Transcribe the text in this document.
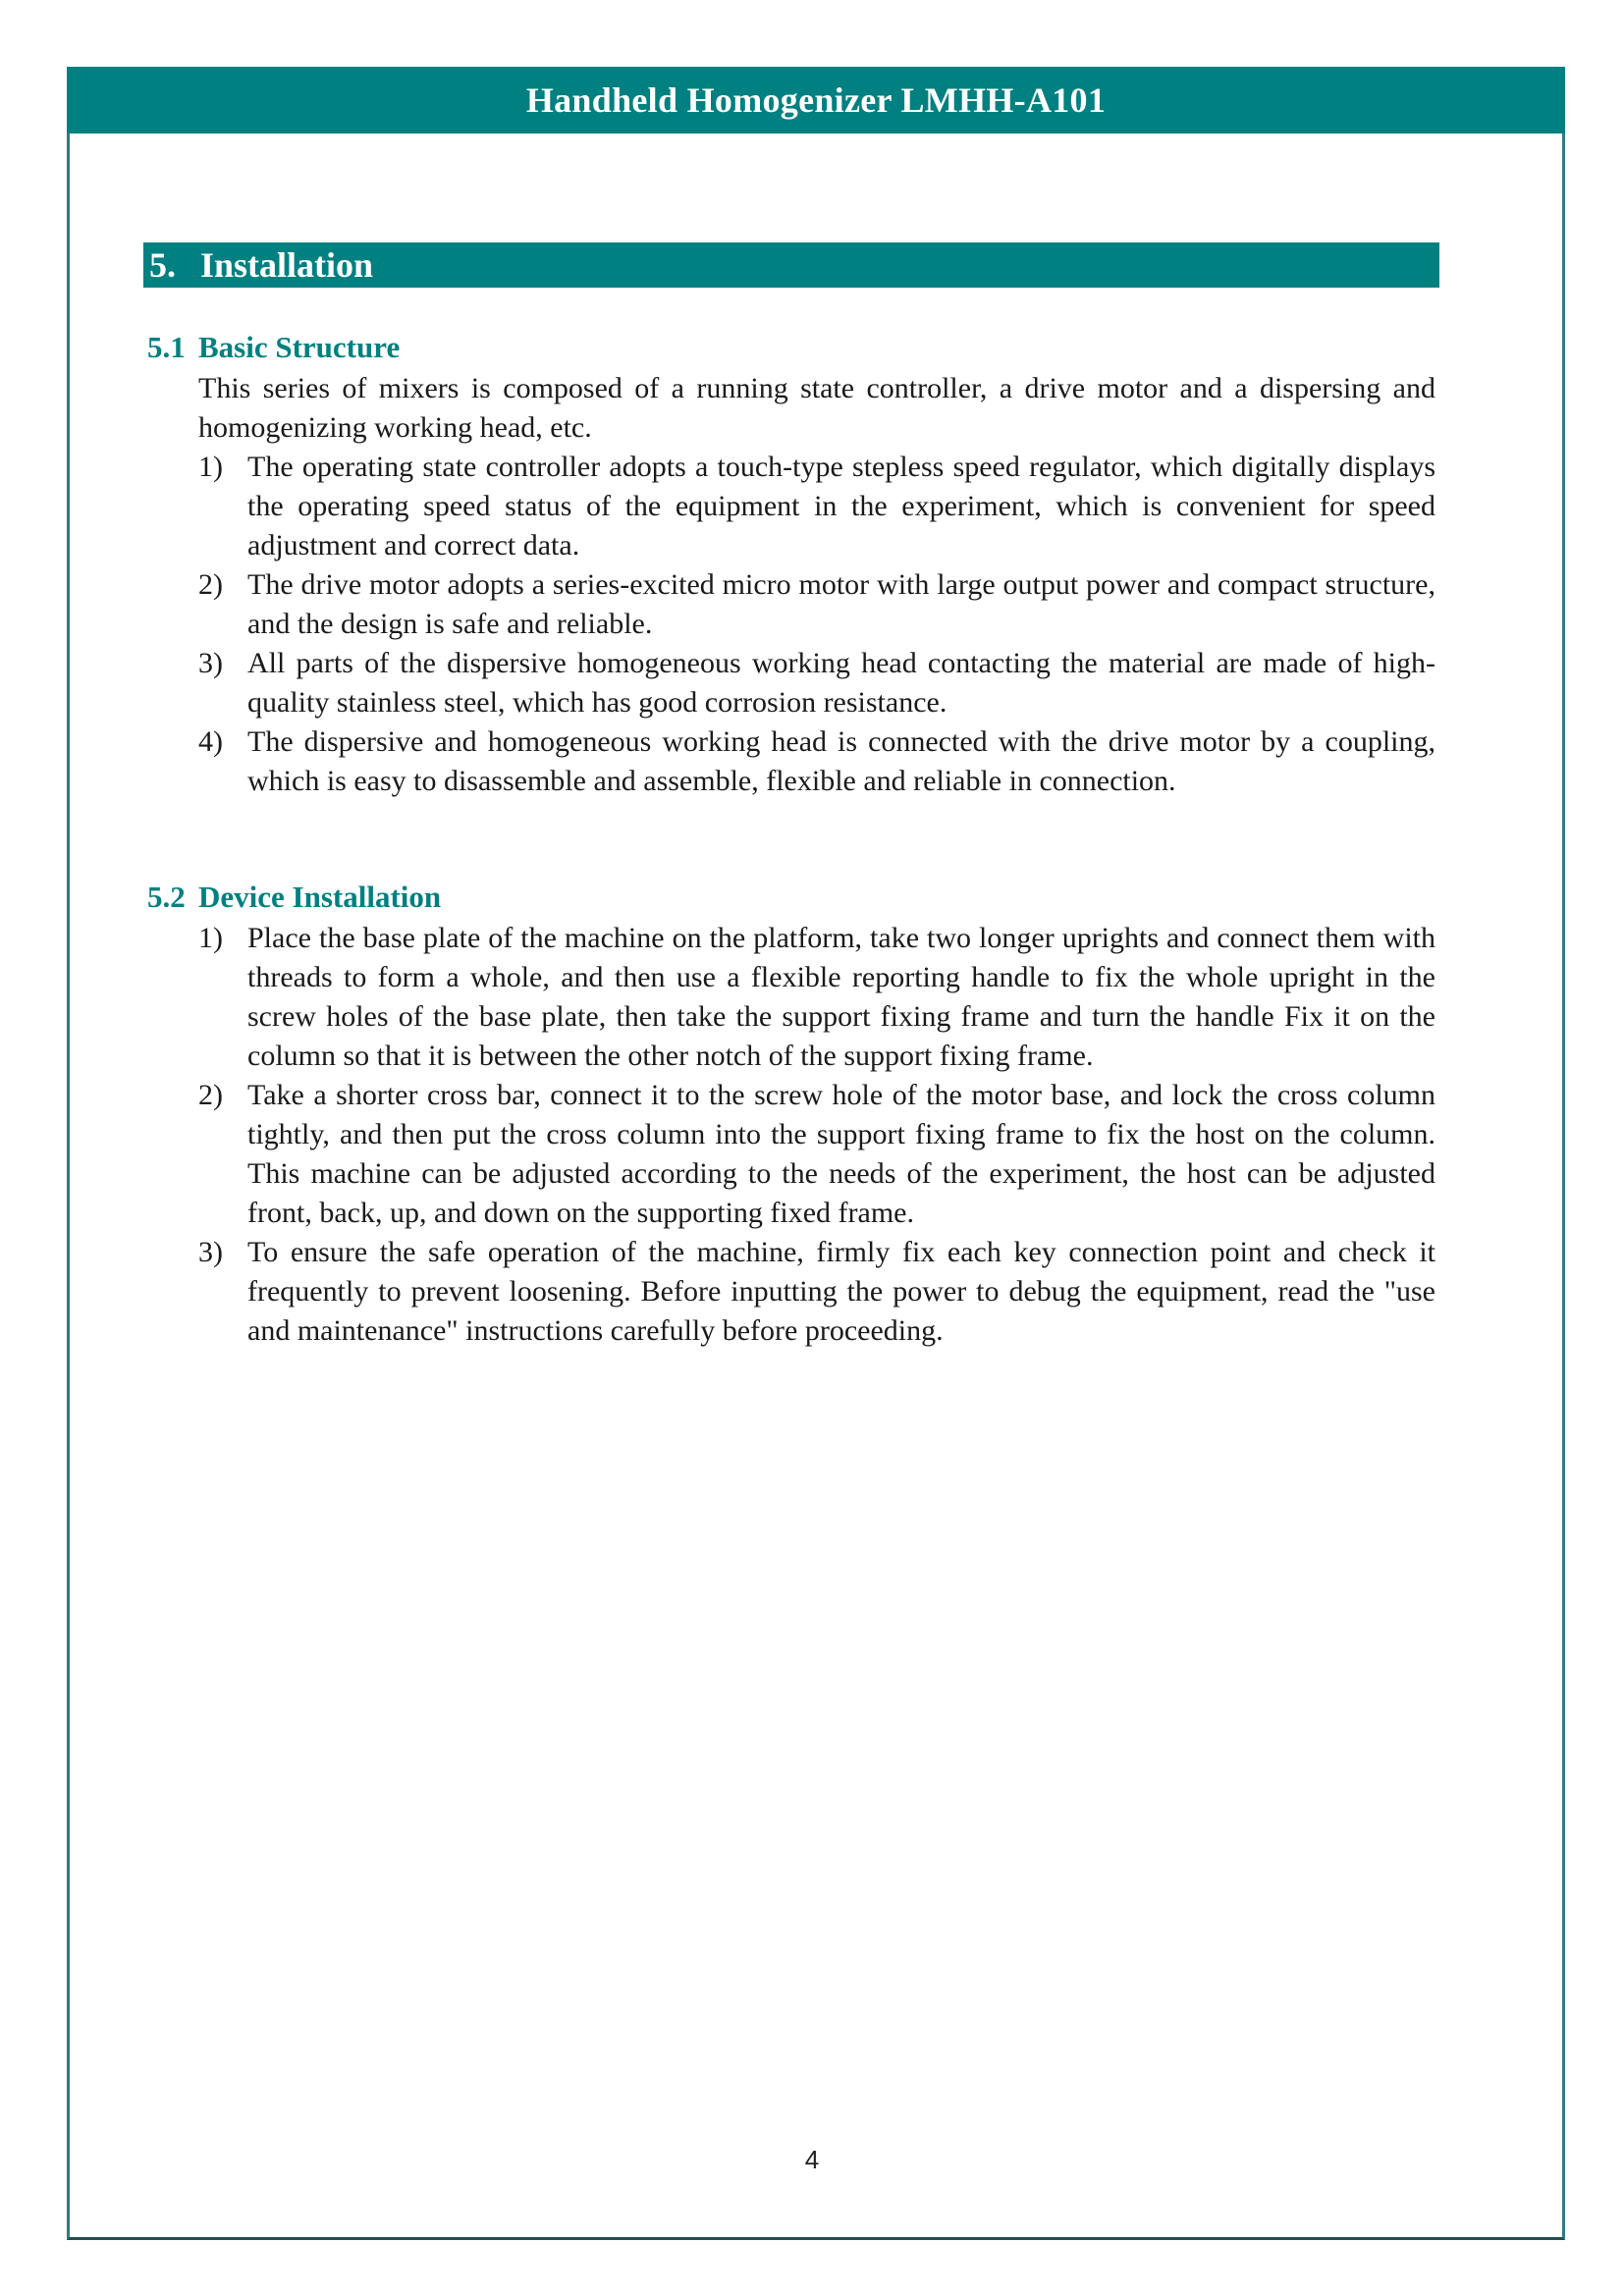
Handheld Homogenizer LMHH-A101
5. Installation
5.1 Basic Structure

This series of mixers is composed of a running state controller, a drive motor and a dispersing and homogenizing working head, etc.

1) The operating state controller adopts a touch-type stepless speed regulator, which digitally displays the operating speed status of the equipment in the experiment, which is convenient for speed adjustment and correct data.
2) The drive motor adopts a series-excited micro motor with large output power and compact structure, and the design is safe and reliable.
3) All parts of the dispersive homogeneous working head contacting the material are made of high-quality stainless steel, which has good corrosion resistance.
4) The dispersive and homogeneous working head is connected with the drive motor by a coupling, which is easy to disassemble and assemble, flexible and reliable in connection.
5.2 Device Installation
1) Place the base plate of the machine on the platform, take two longer uprights and connect them with threads to form a whole, and then use a flexible reporting handle to fix the whole upright in the screw holes of the base plate, then take the support fixing frame and turn the handle Fix it on the column so that it is between the other notch of the support fixing frame.
2) Take a shorter cross bar, connect it to the screw hole of the motor base, and lock the cross column tightly, and then put the cross column into the support fixing frame to fix the host on the column. This machine can be adjusted according to the needs of the experiment, the host can be adjusted front, back, up, and down on the supporting fixed frame.
3) To ensure the safe operation of the machine, firmly fix each key connection point and check it frequently to prevent loosening. Before inputting the power to debug the equipment, read the "use and maintenance" instructions carefully before proceeding.
4
